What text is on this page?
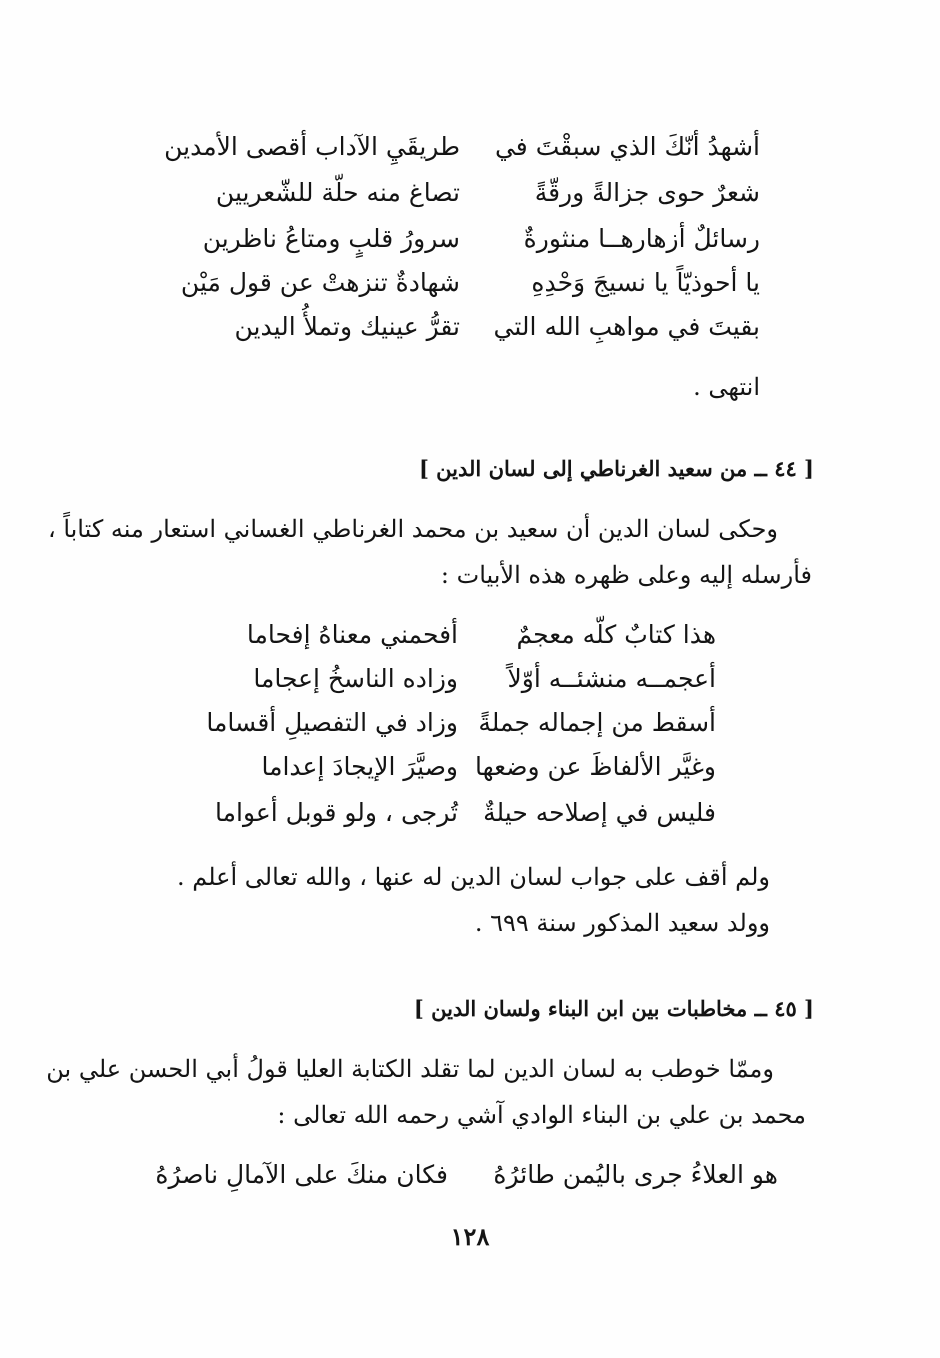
أشهدُ أنّكَ الذي سبقْتَ في
طريقَيِ الآداب أقصى الأمدين
شعرٌ حوى جزالةً ورقّةً
تصاغ منه حلّة للشّعريين
رسائلٌ أزهارهــا منثورةٌ
سرورُ قلبٍ ومتاعُ ناظرين
يا أحوذيّاً يا نسيجَ وَحْدِهِ
شهادةٌ تنزهتْ عن قول مَيْن
بقيتَ في مواهبِ الله التي
تقرُّ عينيك وتملأُ اليدين
انتهى .
[ ٤٤ ــ من سعيد الغرناطي إلى لسان الدين ]
وحكى لسان الدين أن سعيد بن محمد الغرناطي الغساني استعار منه كتاباً ،
فأرسله إليه وعلى ظهره هذه الأبيات :
هذا كتابٌ كلّه معجمٌ
أفحمني معناهُ إفحاما
أعجمــه منشئــه أوّلاً
وزاده الناسخُ إعجاما
أسقط من إجماله جملةً
وزاد في التفصيلِ أقساما
وغيَّر الألفاظَ عن وضعها
وصيَّرَ الإيجادَ إعداما
فليس في إصلاحه حيلةٌ
تُرجى ، ولو قوبل أعواما
ولم أقف على جواب لسان الدين له عنها ، والله تعالى أعلم .
وولد سعيد المذكور سنة ٦٩٩ .
[ ٤٥ ــ مخاطبات بين ابن البناء ولسان الدين ]
وممّا خوطب به لسان الدين لما تقلد الكتابة العليا قولُ أبي الحسن علي بن
محمد بن علي بن البناء الوادي آشي رحمه الله تعالى :
هو العلاءُ جرى باليُمن طائرُهُ
فكان منكَ على الآمالِ ناصرُهُ
١٢٨
